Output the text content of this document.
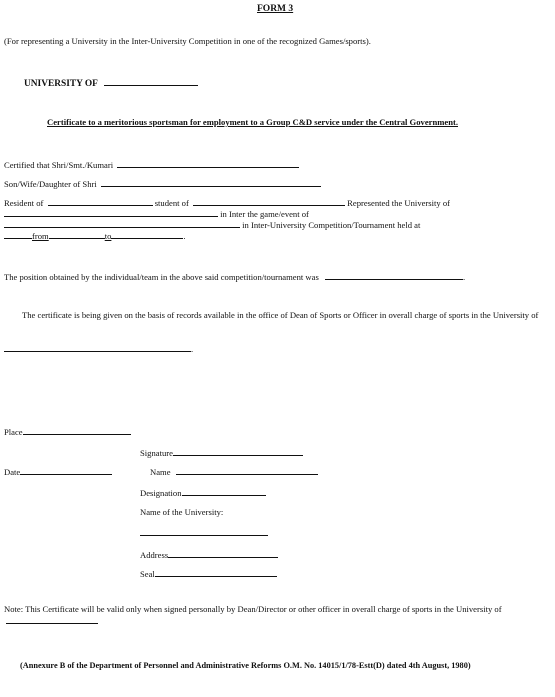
FORM 3
(For representing a University in the Inter-University Competition in one of the recognized Games/sports).
UNIVERSITY OF
Certificate to a meritorious sportsman for employment to a Group C&D service under the Central Government.
Certified that Shri/Smt./Kumari
Son/Wife/Daughter of Shri
Resident of	student of	Represented the University of
in Inter the game/event of
in Inter-University Competition/Tournament held at
from	to	.
The position obtained by the individual/team in the above said competition/tournament was	.
The certificate is being given on the basis of records available in the office of Dean of Sports or Officer in overall charge of sports in the University of
.
Place
Signature
Date	Name
Designation
Name of the University:
Address
Seal
Note: This Certificate will be valid only when signed personally by Dean/Director or other officer in overall charge of sports in the University of
(Annexure B of the Department of Personnel and Administrative Reforms O.M. No. 14015/1/78-Estt(D) dated 4th August, 1980)
